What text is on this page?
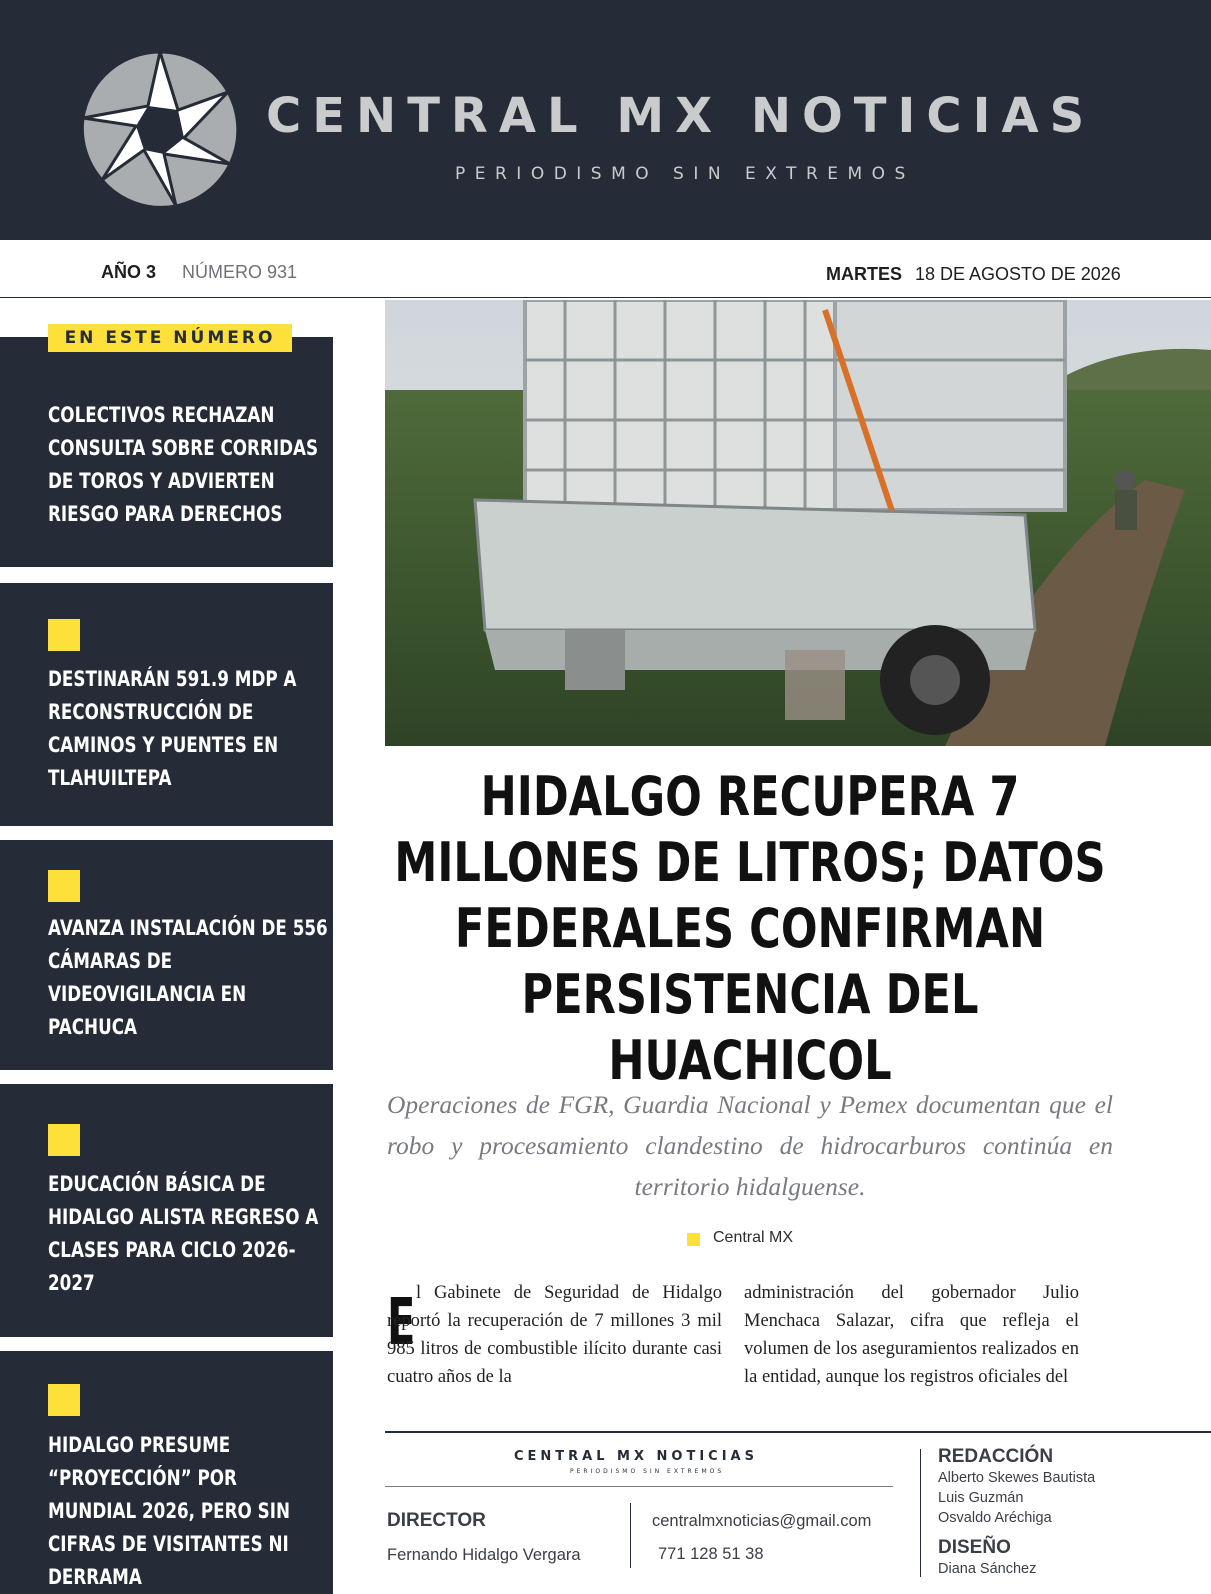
CENTRAL MX NOTICIAS
PERIODISMO SIN EXTREMOS
AÑO 3 NÚMERO 931	MARTES 18 DE AGOSTO DE 2026
COLECTIVOS RECHAZAN CONSULTA SOBRE CORRIDAS DE TOROS Y ADVIERTEN RIESGO PARA DERECHOS
EN ESTE NÚMERO
DESTINARÁN 591.9 MDP A RECONSTRUCCIÓN DE CAMINOS Y PUENTES EN TLAHUILTEPA
AVANZA INSTALACIÓN DE 556 CÁMARAS DE VIDEOVIGILANCIA EN PACHUCA
EDUCACIÓN BÁSICA DE HIDALGO ALISTA REGRESO A CLASES PARA CICLO 2026-2027
HIDALGO PRESUME “PROYECCIÓN” POR MUNDIAL 2026, PERO SIN CIFRAS DE VISITANTES NI DERRAMA
HIDALGO RECUPERA 7 MILLONES DE LITROS; DATOS FEDERALES CONFIRMAN PERSISTENCIA DEL HUACHICOL
Operaciones de FGR, Guardia Nacional y Pemex documentan que el robo y procesamiento clandestino de hidrocarburos continúa en territorio hidalguense.
Central MX
E l Gabinete de Seguridad de Hidalgo reportó la recuperación de 7 millones 3 mil 985 litros de combustible ilícito durante casi cuatro años de la
administración del gobernador Julio Menchaca Salazar, cifra que refleja el volumen de los aseguramientos realizados en la entidad, aunque los registros oficiales del
CENTRAL MX NOTICIAS
PERIODISMO SIN EXTREMOS
DIRECTOR
Fernando Hidalgo Vergara
centralmxnoticias@gmail.com
771 128 51 38
REDACCIÓN
Alberto Skewes Bautista
Luis Guzmán
Osvaldo Aréchiga
DISEÑO
Diana Sánchez
